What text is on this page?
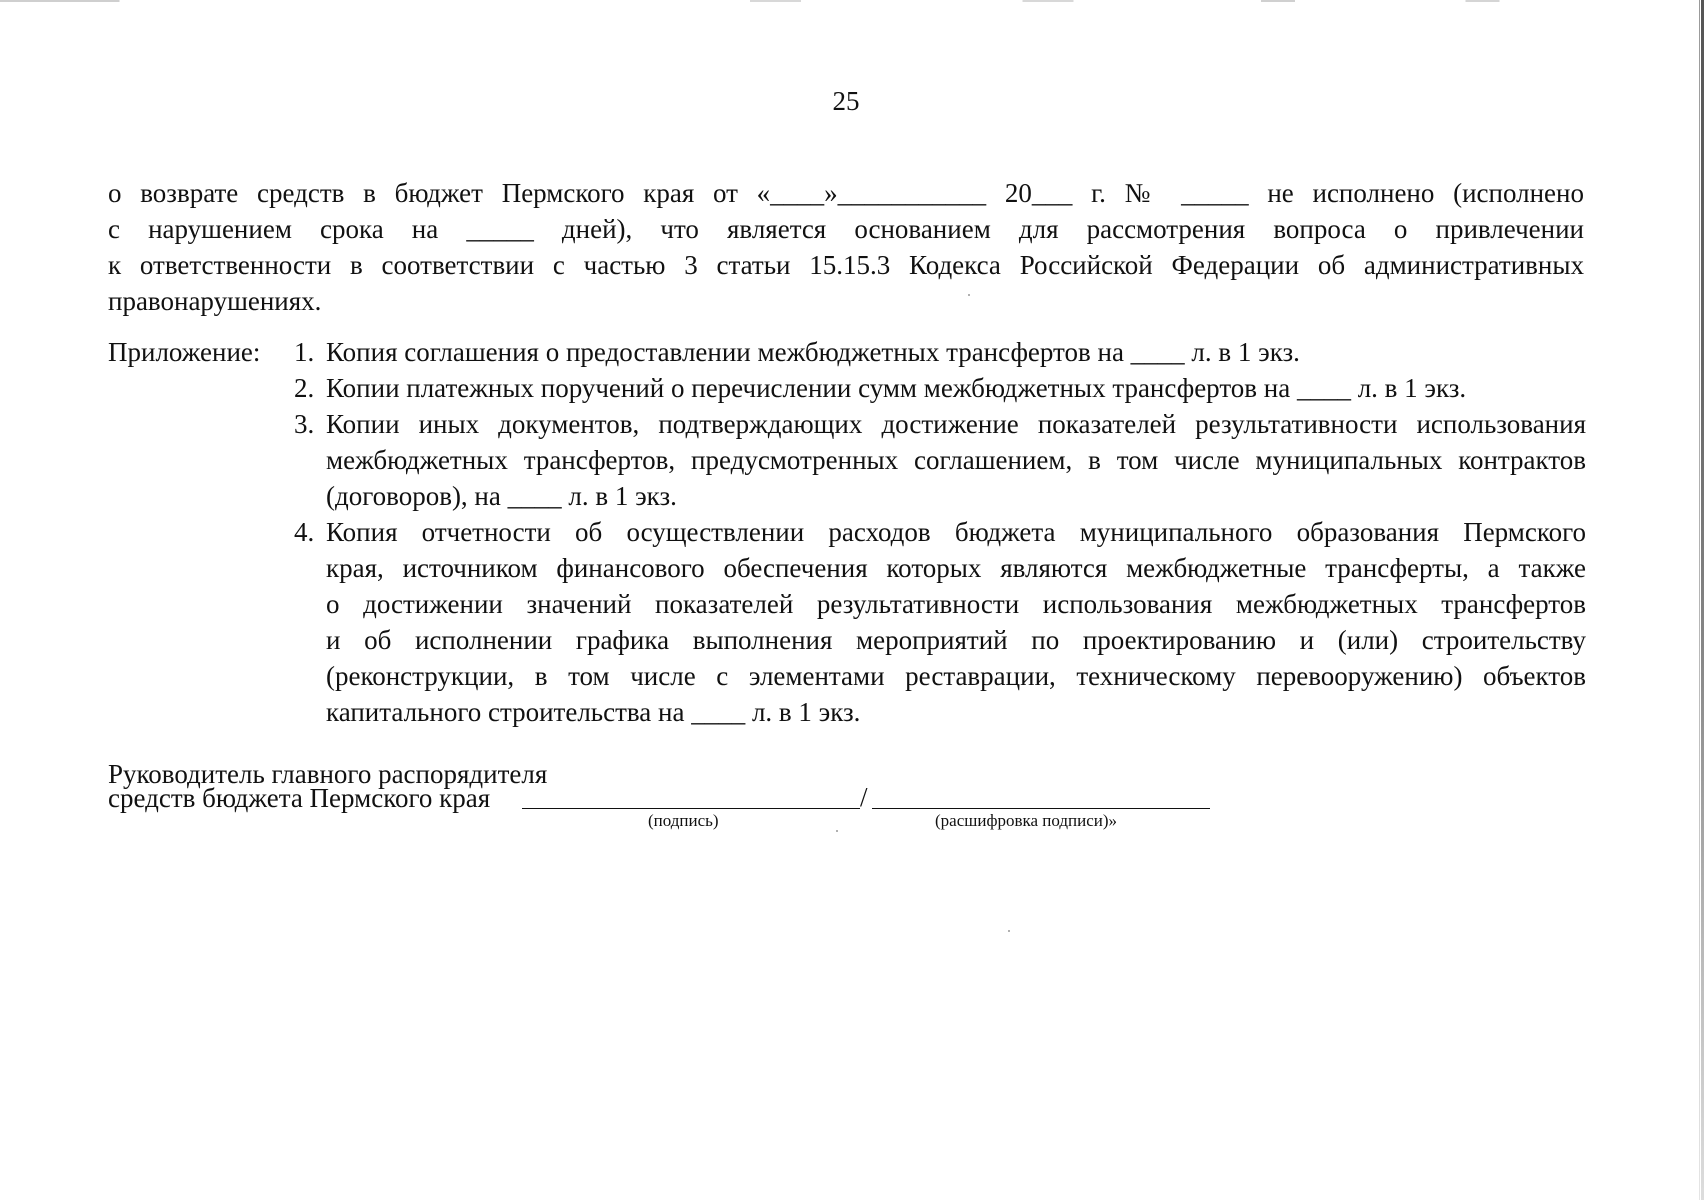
25
о возврате средств в бюджет Пермского края от «____»___________ 20___ г. № _____ не исполнено (исполнено
с нарушением срока на _____ дней), что является основанием для рассмотрения вопроса о привлечении
к ответственности в соответствии с частью 3 статьи 15.15.3 Кодекса Российской Федерации об административных
правонарушениях.
Приложение: 1. Копия соглашения о предоставлении межбюджетных трансфертов на ____ л. в 1 экз.
2. Копии платежных поручений о перечислении сумм межбюджетных трансфертов на ____ л. в 1 экз.
3. Копии иных документов, подтверждающих достижение показателей результативности использования
межбюджетных трансфертов, предусмотренных соглашением, в том числе муниципальных контрактов
(договоров), на ____ л. в 1 экз.
4. Копия отчетности об осуществлении расходов бюджета муниципального образования Пермского
края, источником финансового обеспечения которых являются межбюджетные трансферты, а также
о достижении значений показателей результативности использования межбюджетных трансфертов
и об исполнении графика выполнения мероприятий по проектированию и (или) строительству
(реконструкции, в том числе с элементами реставрации, техническому перевооружению) объектов
капитального строительства на ____ л. в 1 экз.
Руководитель главного распорядителя
средств бюджета Пермского края	/
(подпись)	(расшифровка подписи)»
